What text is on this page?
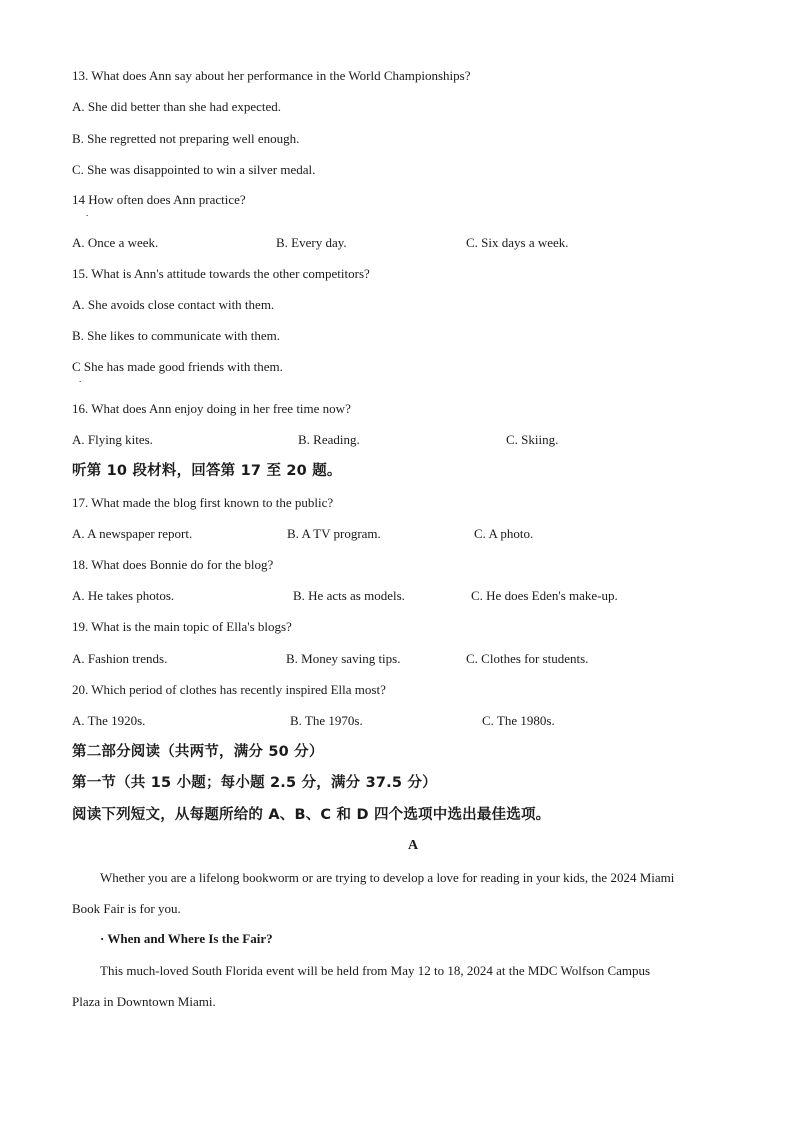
13. What does Ann say about her performance in the World Championships?
A. She did better than she had expected.
B. She regretted not preparing well enough.
C. She was disappointed to win a silver medal.
14 How often does Ann practice?
.
A. Once a week.	B. Every day.	C. Six days a week.
15. What is Ann's attitude towards the other competitors?
A. She avoids close contact with them.
B. She likes to communicate with them.
C She has made good friends with them.
.
16. What does Ann enjoy doing in her free time now?
A. Flying kites.	B. Reading.	C. Skiing.
听第 10 段材料，回答第 17 至 20 题。
17. What made the blog first known to the public?
A. A newspaper report.	B. A TV program.	C. A photo.
18. What does Bonnie do for the blog?
A. He takes photos.	B. He acts as models.	C. He does Eden's make-up.
19. What is the main topic of Ella's blogs?
A. Fashion trends.	B. Money saving tips.	C. Clothes for students.
20. Which period of clothes has recently inspired Ella most?
A. The 1920s.	B. The 1970s.	C. The 1980s.
第二部分阅读（共两节，满分 50 分）
第一节（共 15 小题；每小题 2.5 分，满分 37.5 分）
阅读下列短文，从每题所给的 A、B、C 和 D 四个选项中选出最佳选项。
A
Whether you are a lifelong bookworm or are trying to develop a love for reading in your kids, the 2024 Miami
Book Fair is for you.
· When and Where Is the Fair?
This much-loved South Florida event will be held from May 12 to 18, 2024 at the MDC Wolfson Campus
Plaza in Downtown Miami.
